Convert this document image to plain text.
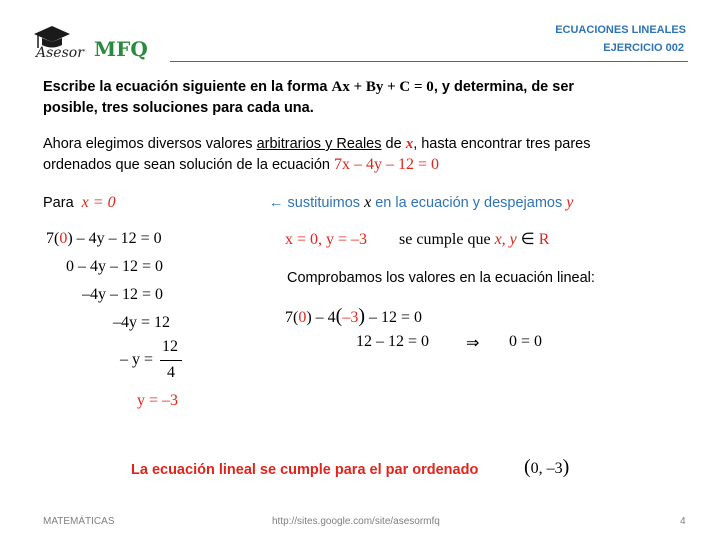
Asesor MFQ
ECUACIONES LINEALES
EJERCICIO 002
Escribe la ecuación siguiente en la forma Ax + By + C = 0, y determina, de ser
posible, tres soluciones para cada una.
Ahora elegimos diversos valores arbitrarios y Reales de x, hasta encontrar tres pares
ordenados que sean solución de la ecuación 7x – 4y – 12 = 0
Para x = 0	← sustituimos x en la ecuación y despejamos y
7(0) – 4y – 12 = 0
0 – 4y – 12 = 0
–4y – 12 = 0
–4y = 12
– y =
12
4
y = –3
x = 0, y = –3 se cumple que x, y ∈ R
Comprobamos los valores en la ecuación lineal:
7(0) – 4(–3) – 12 = 0
12 – 12 = 0 ⇒ 0 = 0
La ecuación lineal se cumple para el par ordenado (0, –3)
MATEMÁTICAS	http://sites.google.com/site/asesormfq	4
